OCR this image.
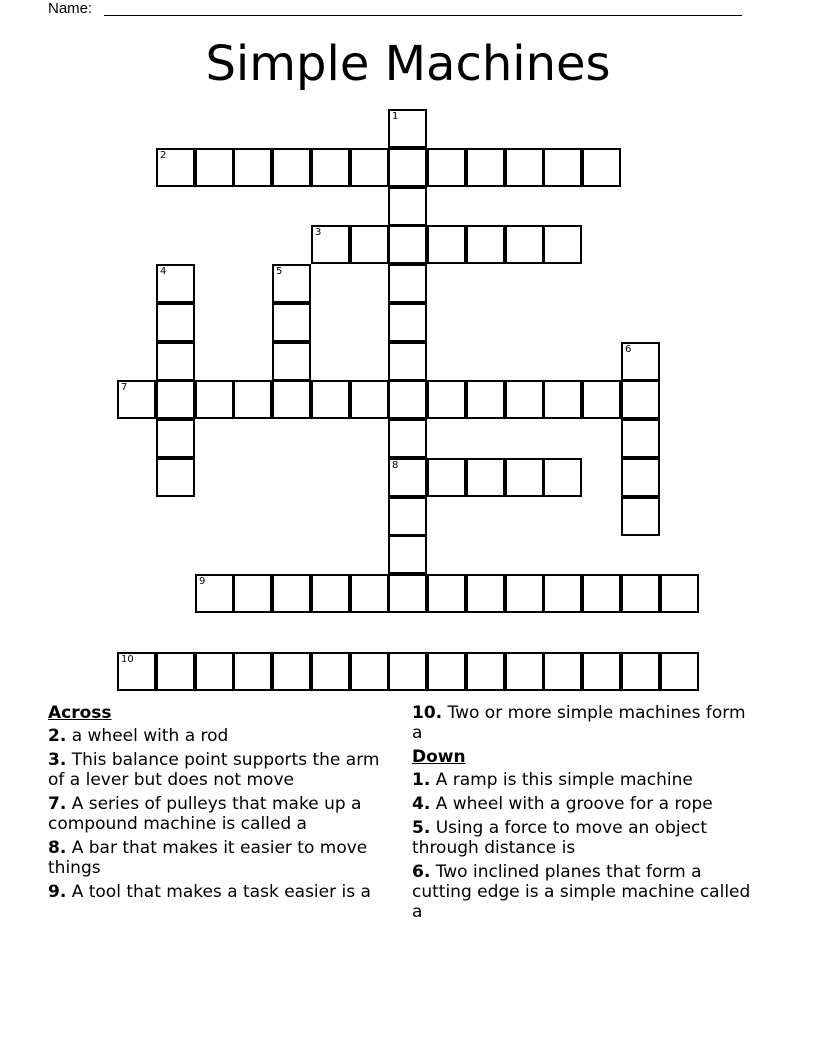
Name:
Simple Machines
1
2
3
4	5
6
7
8
9
10
Across
2. a wheel with a rod
3. This balance point supports the arm of a lever but does not move
7. A series of pulleys that make up a compound machine is called a
8. A bar that makes it easier to move things
9. A tool that makes a task easier is a
10. Two or more simple machines form a
Down
1. A ramp is this simple machine
4. A wheel with a groove for a rope
5. Using a force to move an object through distance is
6. Two inclined planes that form a cutting edge is a simple machine called a
